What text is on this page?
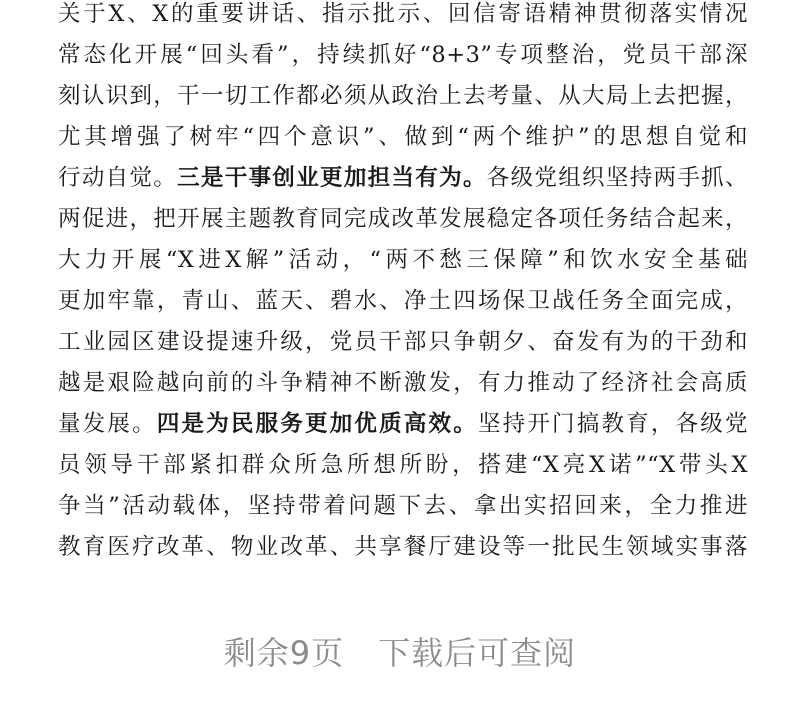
关于X、X的重要讲话、指示批示、回信寄语精神贯彻落实情况
常态化开展“回头看”，持续抓好“8+3”专项整治，党员干部深
刻认识到，干一切工作都必须从政治上去考量、从大局上去把握，
尤其增强了树牢“四个意识”、做到“两个维护”的思想自觉和
行动自觉。三是干事创业更加担当有为。各级党组织坚持两手抓、
两促进，把开展主题教育同完成改革发展稳定各项任务结合起来，
大力开展“X进X解”活动，“两不愁三保障”和饮水安全基础
更加牢靠，青山、蓝天、碧水、净土四场保卫战任务全面完成，
工业园区建设提速升级，党员干部只争朝夕、奋发有为的干劲和
越是艰险越向前的斗争精神不断激发，有力推动了经济社会高质
量发展。四是为民服务更加优质高效。坚持开门搞教育，各级党
员领导干部紧扣群众所急所想所盼，搭建“X亮X诺”“X带头X
争当”活动载体，坚持带着问题下去、拿出实招回来，全力推进
教育医疗改革、物业改革、共享餐厅建设等一批民生领域实事落
剩余9页 下载后可查阅
